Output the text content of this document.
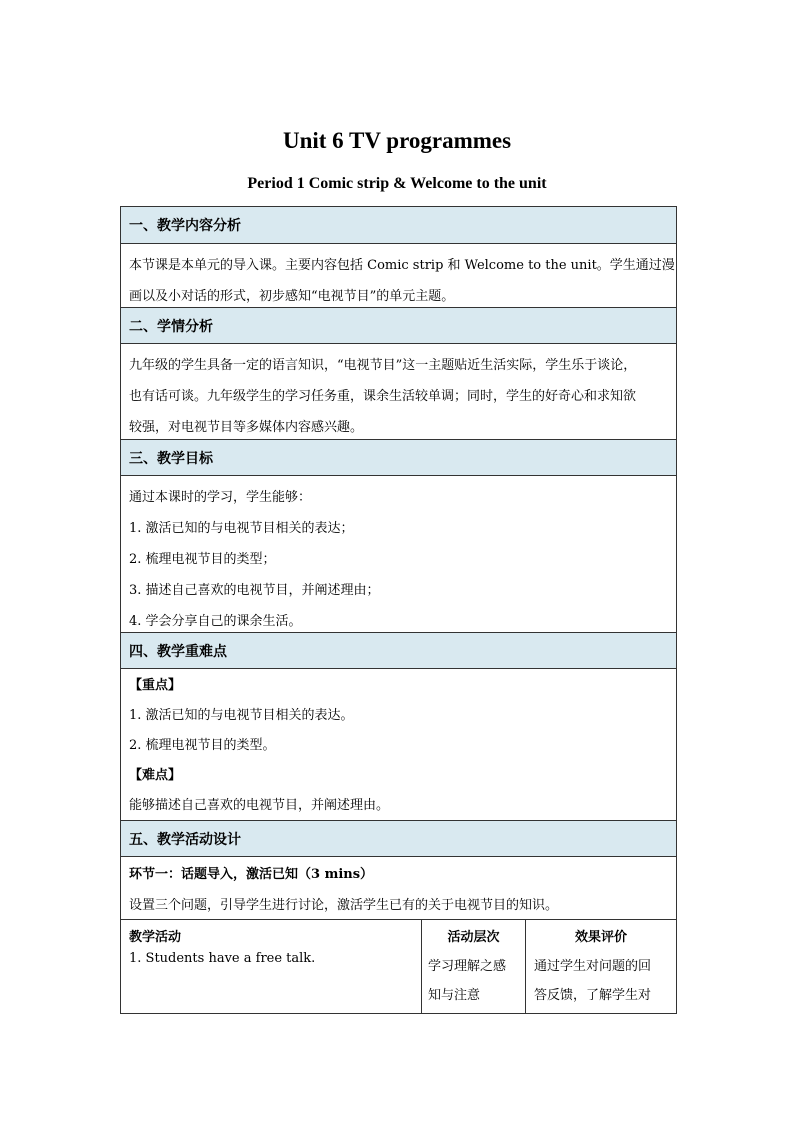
Unit 6 TV programmes
Period 1 Comic strip & Welcome to the unit
一、教学内容分析
本节课是本单元的导入课。主要内容包括 Comic strip 和 Welcome to the unit。学生通过漫
画以及小对话的形式，初步感知“电视节目”的单元主题。
二、学情分析
九年级的学生具备一定的语言知识，“电视节目”这一主题贴近生活实际，学生乐于谈论，
也有话可谈。九年级学生的学习任务重，课余生活较单调；同时，学生的好奇心和求知欲
较强，对电视节目等多媒体内容感兴趣。
三、教学目标
通过本课时的学习，学生能够：
1. 激活已知的与电视节目相关的表达；
2. 梳理电视节目的类型；
3. 描述自己喜欢的电视节目，并阐述理由；
4. 学会分享自己的课余生活。
四、教学重难点
【重点】
1. 激活已知的与电视节目相关的表达。
2. 梳理电视节目的类型。
【难点】
能够描述自己喜欢的电视节目，并阐述理由。
五、教学活动设计
环节一：话题导入，激活已知（3 mins）
设置三个问题，引导学生进行讨论，激活学生已有的关于电视节目的知识。
教学活动
1. Students have a free talk.
活动层次
学习理解之感
知与注意
效果评价
通过学生对问题的回
答反馈，了解学生对
